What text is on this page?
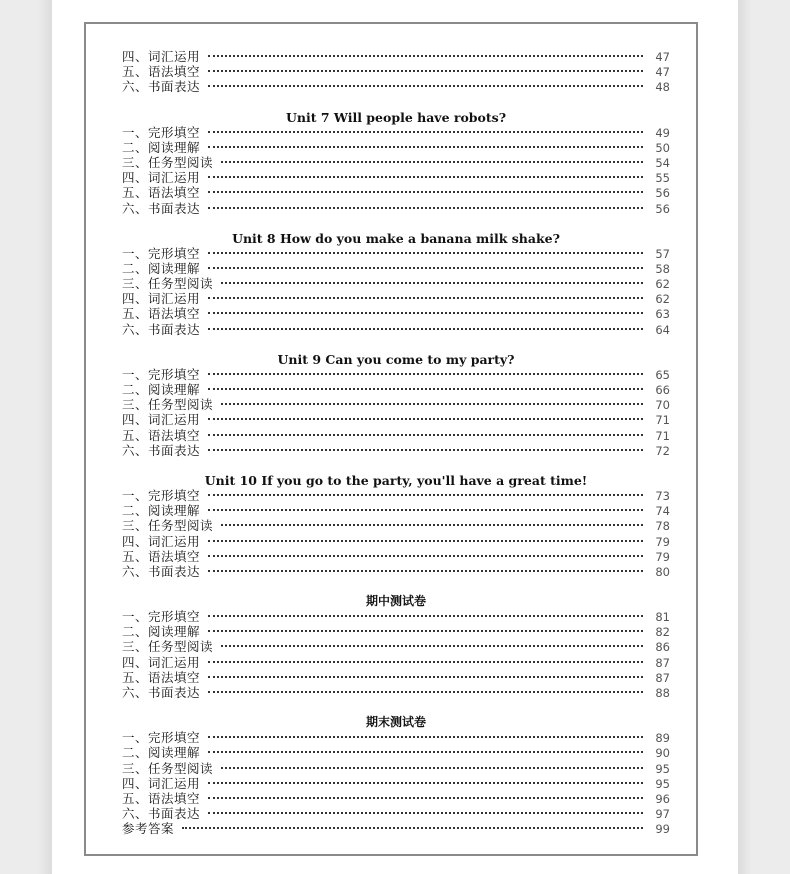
四、词汇运用	47
五、语法填空	47
六、书面表达	48
Unit 7 Will people have robots?
一、完形填空	49
二、阅读理解	50
三、任务型阅读	54
四、词汇运用	55
五、语法填空	56
六、书面表达	56
Unit 8 How do you make a banana milk shake?
一、完形填空	57
二、阅读理解	58
三、任务型阅读	62
四、词汇运用	62
五、语法填空	63
六、书面表达	64
Unit 9 Can you come to my party?
一、完形填空	65
二、阅读理解	66
三、任务型阅读	70
四、词汇运用	71
五、语法填空	71
六、书面表达	72
Unit 10 If you go to the party, you'll have a great time!
一、完形填空	73
二、阅读理解	74
三、任务型阅读	78
四、词汇运用	79
五、语法填空	79
六、书面表达	80
期中测试卷
一、完形填空	81
二、阅读理解	82
三、任务型阅读	86
四、词汇运用	87
五、语法填空	87
六、书面表达	88
期末测试卷
一、完形填空	89
二、阅读理解	90
三、任务型阅读	95
四、词汇运用	95
五、语法填空	96
六、书面表达	97
参考答案	99
